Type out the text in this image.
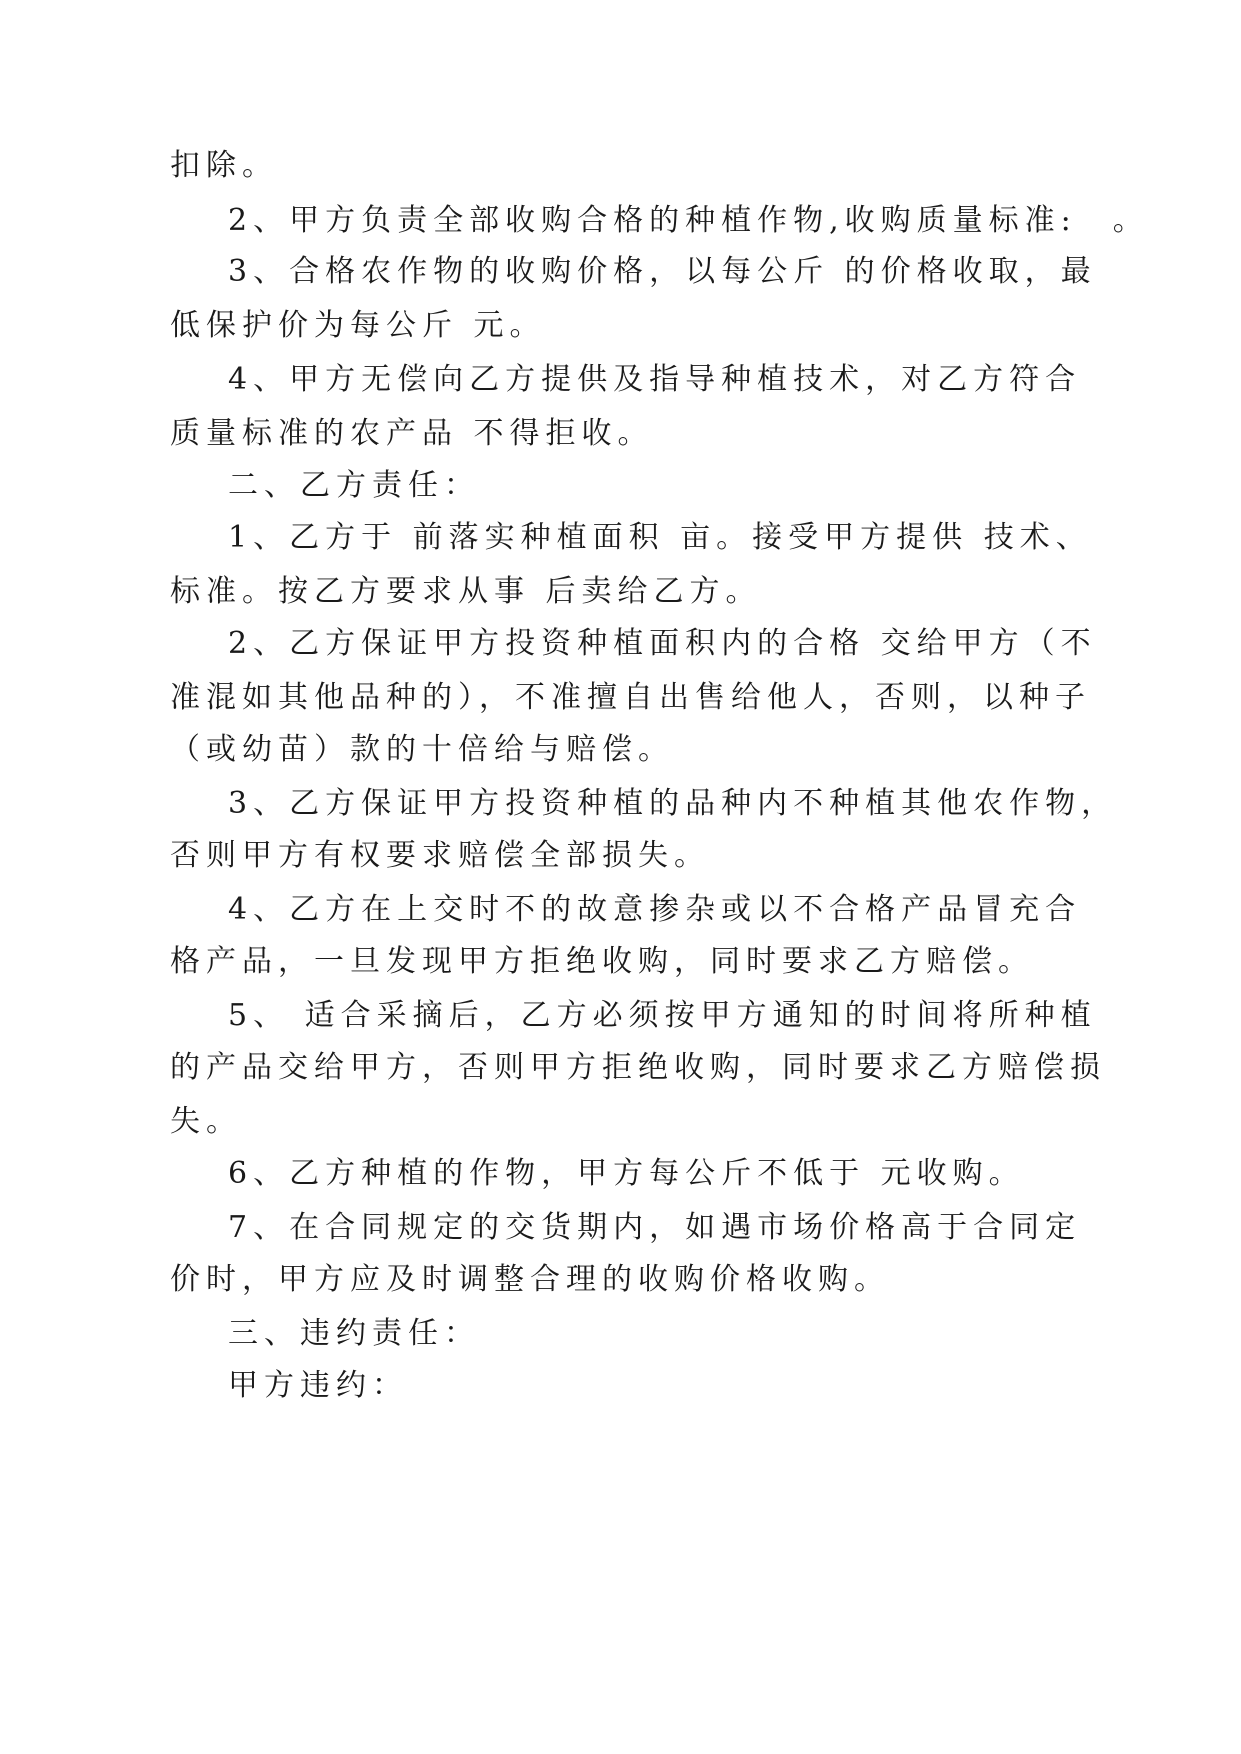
扣除。
2、甲方负责全部收购合格的种植作物,收购质量标准:　。
3、合格农作物的收购价格，以每公斤 的价格收取，最
低保护价为每公斤 元。
4、甲方无偿向乙方提供及指导种植技术，对乙方符合
质量标准的农产品 不得拒收。
二、乙方责任：
1、乙方于 前落实种植面积 亩。接受甲方提供 技术、
标准。按乙方要求从事 后卖给乙方。
2、乙方保证甲方投资种植面积内的合格 交给甲方（不
准混如其他品种的），不准擅自出售给他人，否则，以种子
（或幼苗）款的十倍给与赔偿。
3、乙方保证甲方投资种植的品种内不种植其他农作物，
否则甲方有权要求赔偿全部损失。
4、乙方在上交时不的故意掺杂或以不合格产品冒充合
格产品，一旦发现甲方拒绝收购，同时要求乙方赔偿。
5、 适合采摘后，乙方必须按甲方通知的时间将所种植
的产品交给甲方，否则甲方拒绝收购，同时要求乙方赔偿损
失。
6、乙方种植的作物，甲方每公斤不低于 元收购。
7、在合同规定的交货期内，如遇市场价格高于合同定
价时，甲方应及时调整合理的收购价格收购。
三、违约责任：
甲方违约：
